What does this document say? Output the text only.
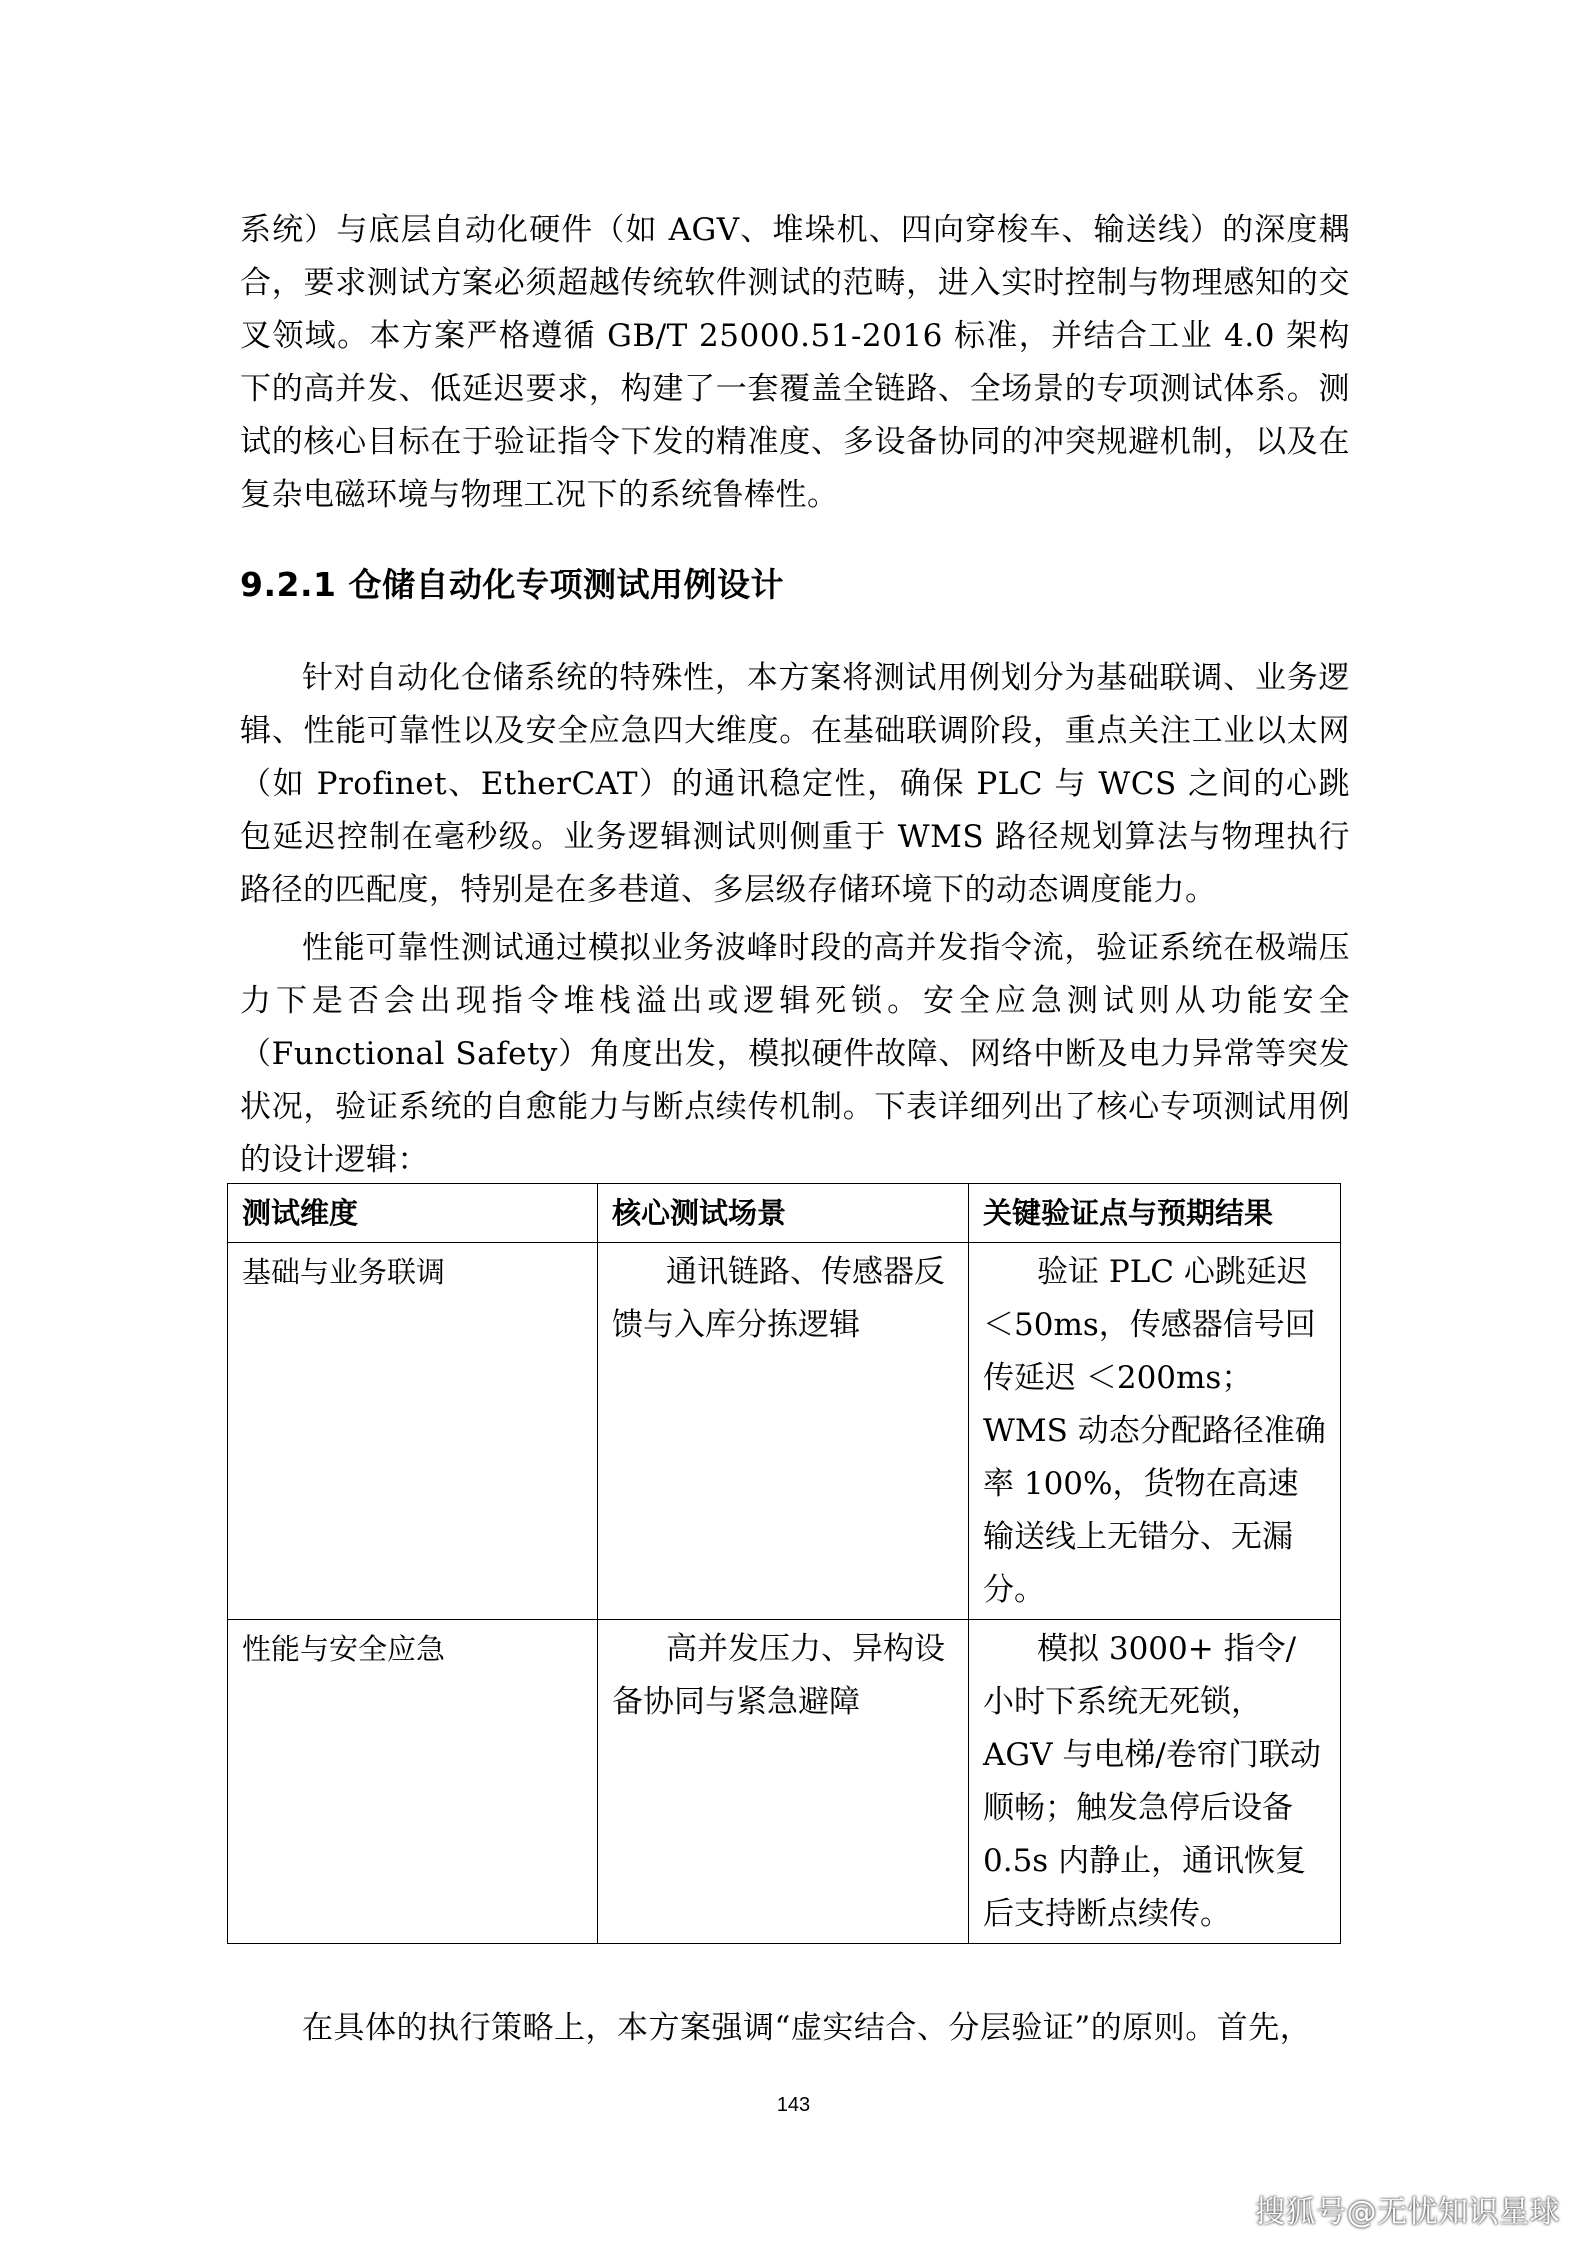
系统）与底层自动化硬件（如 AGV、堆垛机、四向穿梭车、输送线）的深度耦合，要求测试方案必须超越传统软件测试的范畴，进入实时控制与物理感知的交叉领域。本方案严格遵循 GB/T 25000.51-2016 标准，并结合工业 4.0 架构下的高并发、低延迟要求，构建了一套覆盖全链路、全场景的专项测试体系。测试的核心目标在于验证指令下发的精准度、多设备协同的冲突规避机制，以及在复杂电磁环境与物理工况下的系统鲁棒性。

9.2.1 仓储自动化专项测试用例设计

针对自动化仓储系统的特殊性，本方案将测试用例划分为基础联调、业务逻辑、性能可靠性以及安全应急四大维度。在基础联调阶段，重点关注工业以太网（如 Profinet、EtherCAT）的通讯稳定性，确保 PLC 与 WCS 之间的心跳包延迟控制在毫秒级。业务逻辑测试则侧重于 WMS 路径规划算法与物理执行路径的匹配度，特别是在多巷道、多层级存储环境下的动态调度能力。

性能可靠性测试通过模拟业务波峰时段的高并发指令流，验证系统在极端压力下是否会出现指令堆栈溢出或逻辑死锁。安全应急测试则从功能安全（Functional Safety）角度出发，模拟硬件故障、网络中断及电力异常等突发状况，验证系统的自愈能力与断点续传机制。下表详细列出了核心专项测试用例的设计逻辑：

测试维度	核心测试场景	关键验证点与预期结果
基础与业务联调	通讯链路、传感器反馈与入库分拣逻辑	验证 PLC 心跳延迟 ＜50ms，传感器信号回传延迟 ＜200ms；WMS 动态分配路径准确率 100%，货物在高速输送线上无错分、无漏分。
性能与安全应急	高并发压力、异构设备协同与紧急避障	模拟 3000+ 指令/小时下系统无死锁，AGV 与电梯/卷帘门联动顺畅；触发急停后设备 0.5s 内静止，通讯恢复后支持断点续传。

在具体的执行策略上，本方案强调“虚实结合、分层验证”的原则。首先，

143
搜狐号@无忧知识星球
